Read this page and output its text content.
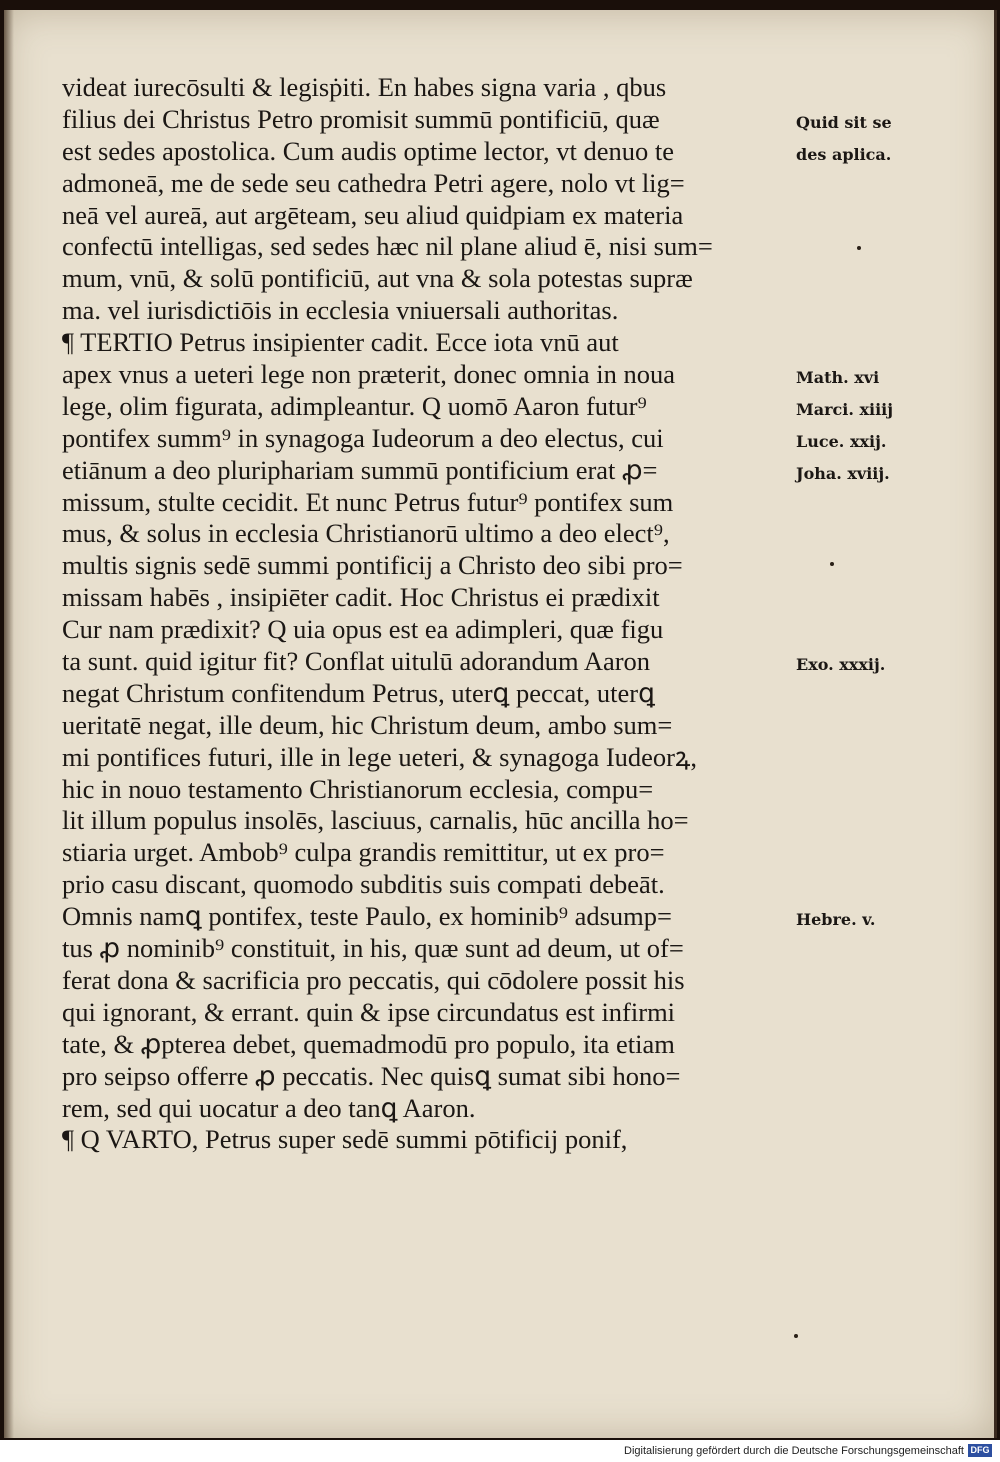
videat iurecōsulti & legisṗiti. En habes signa varia , qbus
filius dei Christus Petro promisit summū pontificiū, quæ
est sedes apostolica. Cum audis optime lector, vt denuo te
admoneā, me de sede seu cathedra Petri agere, nolo vt lig=
neā vel aureā, aut argēteam, seu aliud quidpiam ex materia
confectū intelligas, sed sedes hæc nil plane aliud ē, nisi sum=
mum, vnū, & solū pontificiū, aut vna & sola potestas supræ
ma. vel iurisdictiōis in ecclesia vniuersali authoritas.
¶ TERTIO Petrus insipienter cadit. Ecce iota vnū aut
apex vnus a ueteri lege non præterit, donec omnia in noua
lege, olim figurata, adimpleantur. Q uomō Aaron futur⁹
pontifex summ⁹ in synagoga Iudeorum a deo electus, cui
etiānum a deo pluriphariam summū pontificium erat ꝓ=
missum, stulte cecidit. Et nunc Petrus futur⁹ pontifex sum
mus, & solus in ecclesia Christianorū ultimo a deo elect⁹,
multis signis sedē summi pontificij a Christo deo sibi pro=
missam habēs , insipiēter cadit. Hoc Christus ei prædixit
Cur nam prædixit? Q uia opus est ea adimpleri, quæ figu
ta sunt. quid igitur fit? Conflat uitulū adorandum Aaron
negat Christum confitendum Petrus, uterꝗ peccat, uterꝗ
ueritatē negat, ille deum, hic Christum deum, ambo sum=
mi pontifices futuri, ille in lege ueteri, & synagoga Iudeorꝝ,
hic in nouo testamento Christianorum ecclesia, compu=
lit illum populus insolēs, lasciuus, carnalis, hūc ancilla ho=
stiaria urget. Ambob⁹ culpa grandis remittitur, ut ex pro=
prio casu discant, quomodo subditis suis compati debeāt.
Omnis namꝗ pontifex, teste Paulo, ex hominib⁹ adsump=
tus ꝓ nominib⁹ constituit, in his, quæ sunt ad deum, ut of=
ferat dona & sacrificia pro peccatis, qui cōdolere possit his
qui ignorant, & errant. quin & ipse circundatus est infirmi
tate, & ꝓpterea debet, quemadmodū pro populo, ita etiam
pro seipso offerre ꝓ peccatis. Nec quisꝗ sumat sibi hono=
rem, sed qui uocatur a deo tanꝗ Aaron.
¶ Q VARTO, Petrus super sedē summi pōtificij ponif,
Quid sit se
des aplica.
Math. xvi
Marci. xiiij
Luce. xxij.
Joha. xviij.
Exo. xxxij.
Hebre. v.
Digitalisierung gefördert durch die Deutsche Forschungsgemeinschaft DFG
